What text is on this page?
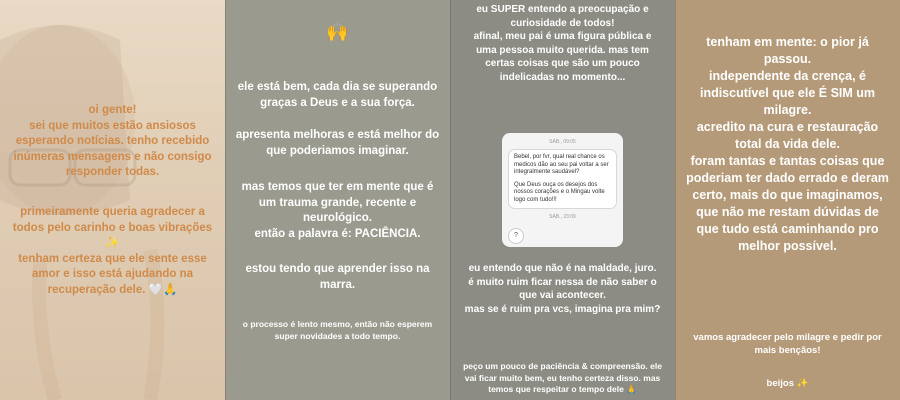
oi gente!
sei que muitos estão ansiosos esperando notícias. tenho recebido inúmeras mensagens e não consigo responder todas.
primeiramente queria agradecer a todos pelo carinho e boas vibrações ✨
tenham certeza que ele sente esse amor e isso está ajudando na recuperação dele. 🤍🙏
🙌
ele está bem, cada dia se superando graças a Deus e a sua força.
apresenta melhoras e está melhor do que poderiamos imaginar.
mas temos que ter em mente que é um trauma grande, recente e neurológico.
então a palavra é: PACIÊNCIA.
estou tendo que aprender isso na marra.
o processo é lento mesmo, então não esperem super novidades a todo tempo.
eu SUPER entendo a preocupação e curiosidade de todos!
afinal, meu pai é uma figura pública e uma pessoa muito querida. mas tem certas coisas que são um pouco indelicadas no momento...
SÁB., 09:05

Bebel, por fvr, qual real chance os medicos dão ao seu pai voltar a ser integralmente saudável?

Que Deus ouça os desejos dos nossos corações e o Mingau volte logo com tudo!!!

SÁB., 23:09
?
eu entendo que não é na maldade, juro.
é muito ruim ficar nessa de não saber o que vai acontecer.
mas se é ruim pra vcs, imagina pra mim?
peço um pouco de paciência & compreensão. ele vai ficar muito bem, eu tenho certeza disso. mas temos que respeitar o tempo dele 🙏
tenham em mente: o pior já passou.
independente da crença, é indiscutível que ele É SIM um milagre.
acredito na cura e restauração total da vida dele.
foram tantas e tantas coisas que poderiam ter dado errado e deram certo, mais do que imaginamos, que não me restam dúvidas de que tudo está caminhando pro melhor possível.
vamos agradecer pelo milagre e pedir por mais bençãos!
beijos ✨
